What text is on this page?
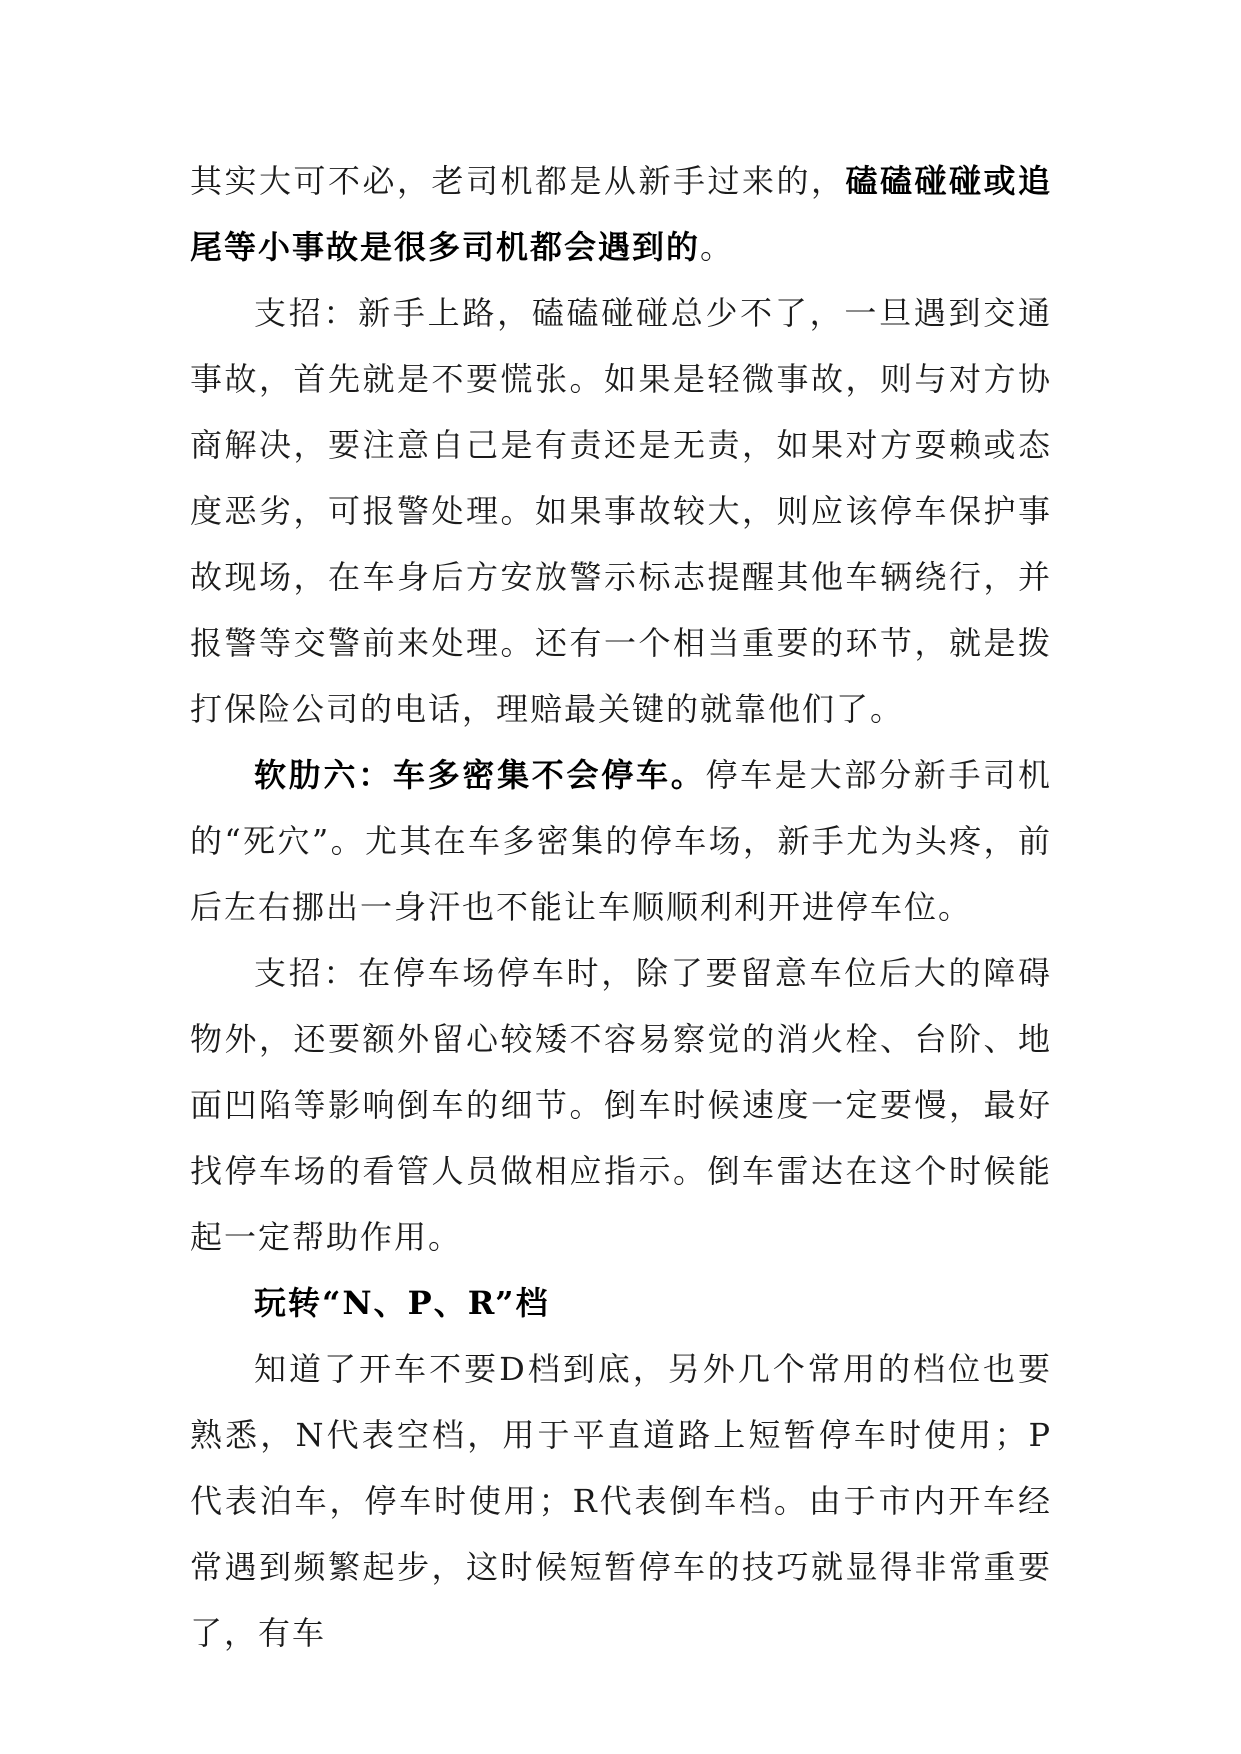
其实大可不必，老司机都是从新手过来的，磕磕碰碰或追尾等小事故是很多司机都会遇到的。

支招：新手上路，磕磕碰碰总少不了，一旦遇到交通事故，首先就是不要慌张。如果是轻微事故，则与对方协商解决，要注意自己是有责还是无责，如果对方耍赖或态度恶劣，可报警处理。如果事故较大，则应该停车保护事故现场，在车身后方安放警示标志提醒其他车辆绕行，并报警等交警前来处理。还有一个相当重要的环节，就是拨打保险公司的电话，理赔最关键的就靠他们了。

软肋六：车多密集不会停车。停车是大部分新手司机的“死穴”。尤其在车多密集的停车场，新手尤为头疼，前后左右挪出一身汗也不能让车顺顺利利开进停车位。

支招：在停车场停车时，除了要留意车位后大的障碍物外，还要额外留心较矮不容易察觉的消火栓、台阶、地面凹陷等影响倒车的细节。倒车时候速度一定要慢，最好找停车场的看管人员做相应指示。倒车雷达在这个时候能起一定帮助作用。

玩转“N、P、R”档

知道了开车不要D档到底，另外几个常用的档位也要熟悉，N代表空档，用于平直道路上短暂停车时使用；P代表泊车，停车时使用；R代表倒车档。由于市内开车经常遇到频繁起步，这时候短暂停车的技巧就显得非常重要了，有车
